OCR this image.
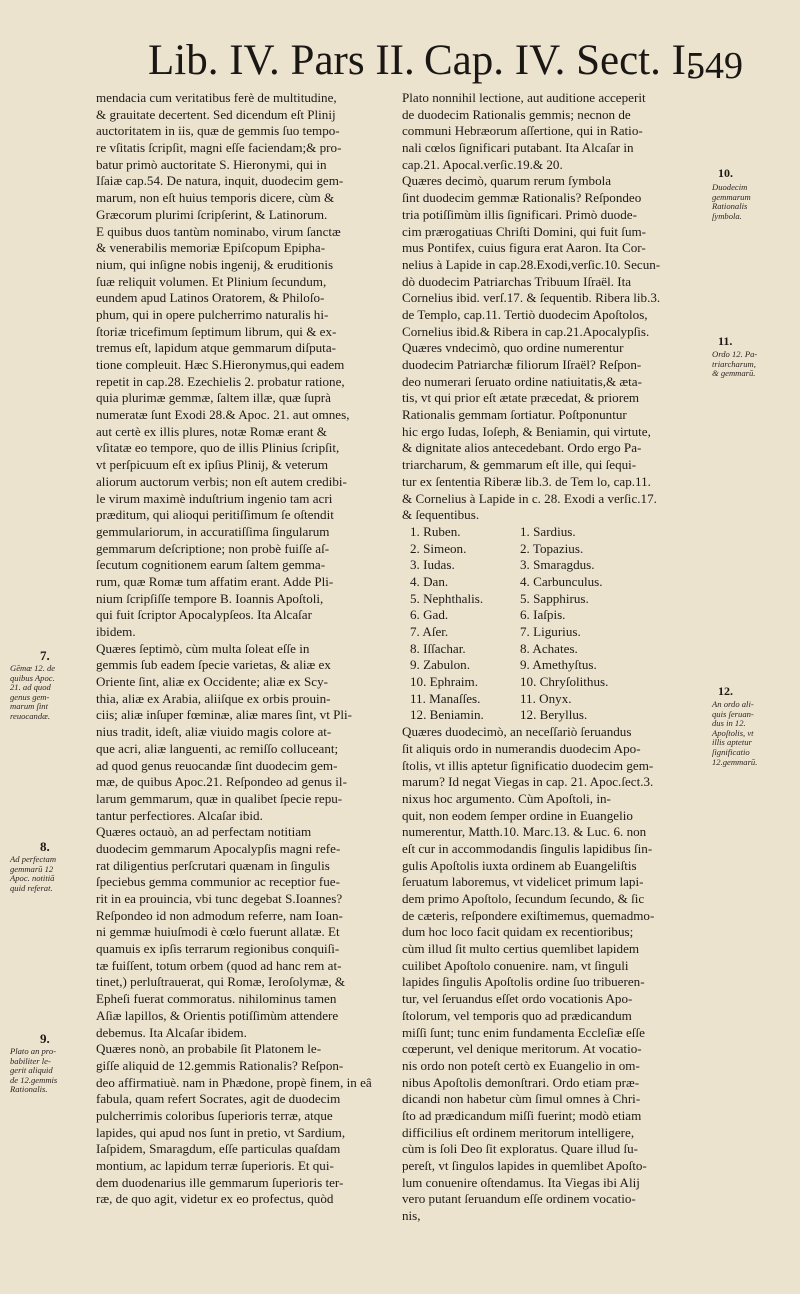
Lib. IV. Pars II. Cap. IV. Sect. I.
549
mendacia cum veritatibus ferè de multitudine,
& grauitate decertent. Sed dicendum eſt Plinij
auctoritatem in iis, quæ de gemmis ſuo tempo-
re vſitatis ſcripſit, magni eſſe faciendam;& pro-
batur primò auctoritate S. Hieronymi, qui in
Iſaiæ cap.54. De natura, inquit, duodecim gem-
marum, non eſt huius temporis dicere, cùm &
Græcorum plurimi ſcripſerint, & Latinorum.
E quibus duos tantùm nominabo, virum ſanctæ
& venerabilis memoriæ Epiſcopum Epipha-
nium, qui inſigne nobis ingenij, & eruditionis
ſuæ reliquit volumen. Et Plinium ſecundum,
eundem apud Latinos Oratorem, & Philoſo-
phum, qui in opere pulcherrimo naturalis hi-
ſtoriæ tricefimum ſeptimum librum, qui & ex-
tremus eſt, lapidum atque gemmarum diſputa-
tione compleuit. Hæc S.Hieronymus,qui eadem
repetit in cap.28. Ezechielis 2. probatur ratione,
quia plurimæ gemmæ, ſaltem illæ, quæ ſuprà
numeratæ ſunt Exodi 28.& Apoc. 21. aut omnes,
aut certè ex illis plures, notæ Romæ erant &
vſitatæ eo tempore, quo de illis Plinius ſcripſit,
vt perſpicuum eſt ex ipſius Plinij, & veterum
aliorum auctorum verbis; non eſt autem credibi-
le virum maximè induſtrium ingenio tam acri
præditum, qui alioqui peritiſſimum ſe oſtendit
gemmulariorum, in accuratiſſima ſingularum
gemmarum deſcriptione; non probè fuiſſe aſ-
ſecutum cognitionem earum ſaltem gemma-
rum, quæ Romæ tum affatim erant. Adde Pli-
nium ſcripſiſſe tempore B. Ioannis Apoſtoli,
qui fuit ſcriptor Apocalypſeos. Ita Alcaſar
ibidem.
Quæres ſeptimò, cùm multa ſoleat eſſe in
gemmis ſub eadem ſpecie varietas, & aliæ ex
Oriente ſint, aliæ ex Occidente; aliæ ex Scy-
thia, aliæ ex Arabia, aliiſque ex orbis prouin-
ciis; aliæ inſuper fœminæ, aliæ mares ſint, vt Pli-
nius tradit, ideſt, aliæ viuido magis colore at-
que acri, aliæ languenti, ac remiſſo colluceant;
ad quod genus reuocandæ ſint duodecim gem-
mæ, de quibus Apoc.21. Reſpondeo ad genus il-
larum gemmarum, quæ in qualibet ſpecie repu-
tantur perfectiores. Alcaſar ibid.
Quæres octauò, an ad perfectam notitiam
duodecim gemmarum Apocalypſis magni refe-
rat diligentius perſcrutari quænam in ſingulis
ſpeciebus gemma communior ac receptior fue-
rit in ea prouincia, vbi tunc degebat S.Ioannes?
Reſpondeo id non admodum referre, nam Ioan-
ni gemmæ huiuſmodi è cœlo fuerunt allatæ. Et
quamuis ex ipſis terrarum regionibus conquiſi-
tæ fuiſſent, totum orbem (quod ad hanc rem at-
tinet,) perluſtrauerat, qui Romæ, Ieroſolymæ, &
Epheſi fuerat commoratus. nihilominus tamen
Aſiæ lapillos, & Orientis potiſſimùm attendere
debemus. Ita Alcaſar ibidem.
Quæres nonò, an probabile ſit Platonem le-
giſſe aliquid de 12.gemmis Rationalis? Reſpon-
deo affirmatiuè. nam in Phædone, propè finem, in eâ
fabula, quam refert Socrates, agit de duodecim
pulcherrimis coloribus ſuperioris terræ, atque
lapides, qui apud nos ſunt in pretio, vt Sardium,
Iaſpidem, Smaragdum, eſſe particulas quaſdam
montium, ac lapidum terræ ſuperioris. Et qui-
dem duodenarius ille gemmarum ſuperioris ter-
ræ, de quo agit, videtur ex eo profectus, quòd
Plato nonnihil lectione, aut auditione acceperit
de duodecim Rationalis gemmis; necnon de
communi Hebræorum aſſertione, qui in Ratio-
nali cœlos ſignificari putabant. Ita Alcaſar in
cap.21. Apocal.verſic.19.& 20.
Quæres decimò, quarum rerum ſymbola
ſint duodecim gemmæ Rationalis? Reſpondeo
tria potiſſimùm illis ſignificari. Primò duode-
cim prærogatiuas Chriſti Domini, qui fuit ſum-
mus Pontifex, cuius figura erat Aaron. Ita Cor-
nelius à Lapide in cap.28.Exodi,verſic.10. Secun-
dò duodecim Patriarchas Tribuum Iſraël. Ita
Cornelius ibid. verſ.17. & ſequentib. Ribera lib.3.
de Templo, cap.11. Tertiò duodecim Apoſtolos,
Cornelius ibid.& Ribera in cap.21.Apocalypſis.
Quæres vndecimò, quo ordine numerentur
duodecim Patriarchæ filiorum Iſraël? Reſpon-
deo numerari ſeruato ordine natiuitatis,& æta-
tis, vt qui prior eſt ætate præcedat, & priorem
Rationalis gemmam ſortiatur. Poſtponuntur
hic ergo Iudas, Ioſeph, & Beniamin, qui virtute,
& dignitate alios antecedebant. Ordo ergo Pa-
triarcharum, & gemmarum eſt ille, qui ſequi-
tur ex ſententia Riberæ lib.3. de Tem lo, cap.11.
& Cornelius à Lapide in c. 28. Exodi a verſic.17.
& ſequentibus.
1. Ruben.	1. Sardius.
2. Simeon.	2. Topazius.
3. Iudas.	3. Smaragdus.
4. Dan.	4. Carbunculus.
5. Nephthalis.	5. Sapphirus.
6. Gad.	6. Iaſpis.
7. Aſer.	7. Ligurius.
8. Iſſachar.	8. Achates.
9. Zabulon.	9. Amethyſtus.
10. Ephraim.	10. Chryſolithus.
11. Manaſſes.	11. Onyx.
12. Beniamin.	12. Beryllus.
Quæres duodecimò, an neceſſariò ſeruandus
ſit aliquis ordo in numerandis duodecim Apo-
ſtolis, vt illis aptetur ſignificatio duodecim gem-
marum? Id negat Viegas in cap. 21. Apoc.ſect.3.
nixus hoc argumento. Cùm Apoſtoli, in-
quit, non eodem ſemper ordine in Euangelio
numerentur, Matth.10. Marc.13. & Luc. 6. non
eſt cur in accommodandis ſingulis lapidibus ſin-
gulis Apoſtolis iuxta ordinem ab Euangeliſtis
ſeruatum laboremus, vt videlicet primum lapi-
dem primo Apoſtolo, ſecundum ſecundo, & ſic
de cæteris, reſpondere exiſtimemus, quemadmo-
dum hoc loco facit quidam ex recentioribus;
cùm illud ſit multo certius quemlibet lapidem
cuilibet Apoſtolo conuenire. nam, vt ſinguli
lapides ſingulis Apoſtolis ordine ſuo tribueren-
tur, vel ſeruandus eſſet ordo vocationis Apo-
ſtolorum, vel temporis quo ad prædicandum
miſſi ſunt; tunc enim fundamenta Eccleſiæ eſſe
cœperunt, vel denique meritorum. At vocatio-
nis ordo non poteſt certò ex Euangelio in om-
nibus Apoſtolis demonſtrari. Ordo etiam præ-
dicandi non habetur cùm ſimul omnes à Chri-
ſto ad prædicandum miſſi fuerint; modò etiam
difficilius eſt ordinem meritorum intelligere,
cùm is ſoli Deo ſit exploratus. Quare illud ſu-
pereſt, vt ſingulos lapides in quemlibet Apoſto-
lum conuenire oſtendamus. Ita Viegas ibi Alij
vero putant ſeruandum eſſe ordinem vocatio-
nis,
7.
Gēmæ 12. de
quibus Apoc.
21. ad quod
genus gem-
marum ſint
reuocandæ.
8.
Ad perfectam
gemmarū 12
Apoc. notitiā
quid referat.
9.
Plato an pro-
babiliter le-
gerit aliquid
de 12.gemmis
Rationalis.
10.
Duodecim
gemmarum
Rationalis
ſymbola.
11.
Ordo 12. Pa-
triarcharum,
& gemmarū.
12.
An ordo ali-
quis ſeruan-
dus in 12.
Apoſtolis, vt
illis aptetur
ſignificatio
12.gemmarū.
